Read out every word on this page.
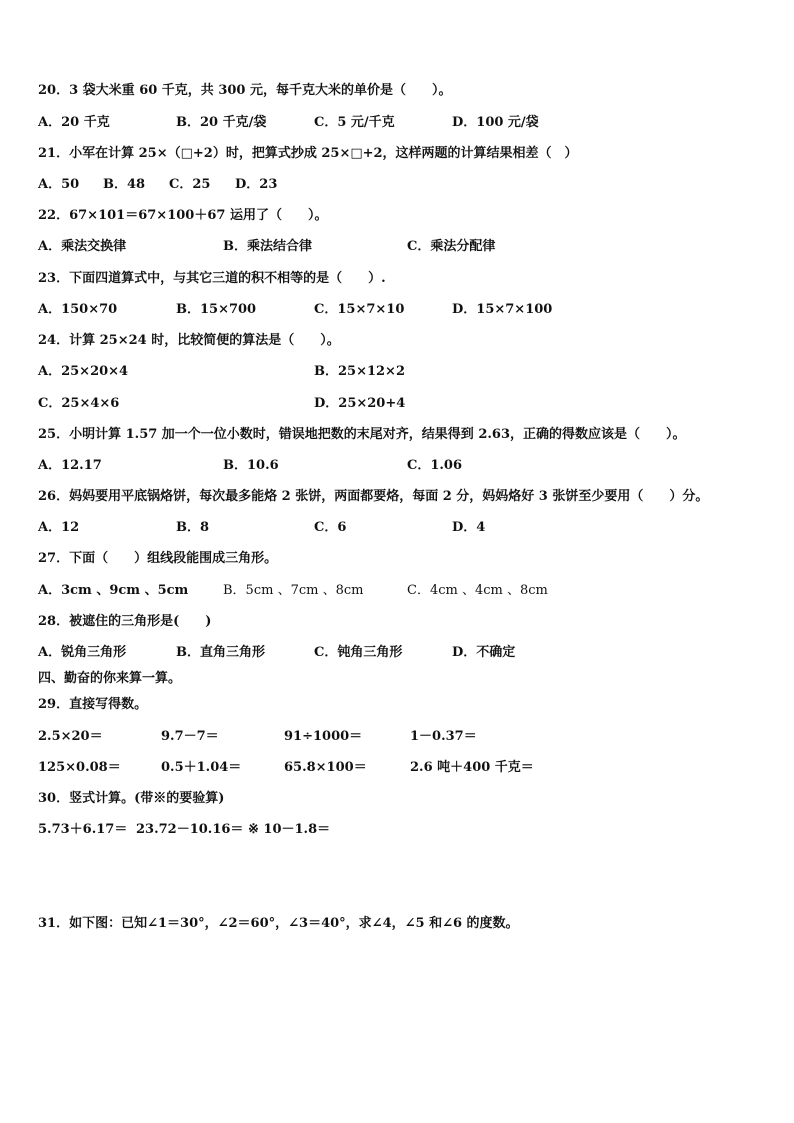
20．3 袋大米重 60 千克，共 300 元，每千克大米的单价是（　　）。
A．20 千克	B．20 千克/袋	C．5 元/千克	D．100 元/袋
21．小军在计算 25×（□+2）时，把算式抄成 25×□+2，这样两题的计算结果相差（　）
A．50 B．48 C．25 D．23
22．67×101＝67×100＋67 运用了（　　）。
A．乘法交换律	B．乘法结合律	C．乘法分配律
23．下面四道算式中，与其它三道的积不相等的是（　　）.
A．150×70	B．15×700	C．15×7×10	D．15×7×100
24．计算 25×24 时，比较简便的算法是（　　）。
A．25×20×4	B．25×12×2
C．25×4×6	D．25×20+4
25．小明计算 1.57 加一个一位小数时，错误地把数的末尾对齐，结果得到 2.63，正确的得数应该是（　　）。
A．12.17	B．10.6	C．1.06
26．妈妈要用平底锅烙饼，每次最多能烙 2 张饼，两面都要烙，每面 2 分，妈妈烙好 3 张饼至少要用（　　）分。
A．12	B．8	C．6	D．4
27．下面（　　）组线段能围成三角形。
A．3cm 、9cm 、5cm	B．5cm 、7cm 、8cm	C．4cm 、4cm 、8cm
28．被遮住的三角形是(　　)
A．锐角三角形	B．直角三角形	C．钝角三角形	D．不确定
四、勤奋的你来算一算。
29．直接写得数。
2.5×20＝	9.7－7＝	91÷1000＝	1－0.37＝
125×0.08＝	0.5＋1.04＝	65.8×100＝	2.6 吨＋400 千克＝
30．竖式计算。(带※的要验算)
5.73＋6.17＝ 23.72－10.16＝ ※ 10－1.8＝
31．如下图：已知∠1＝30°，∠2＝60°，∠3＝40°，求∠4，∠5 和∠6 的度数。
